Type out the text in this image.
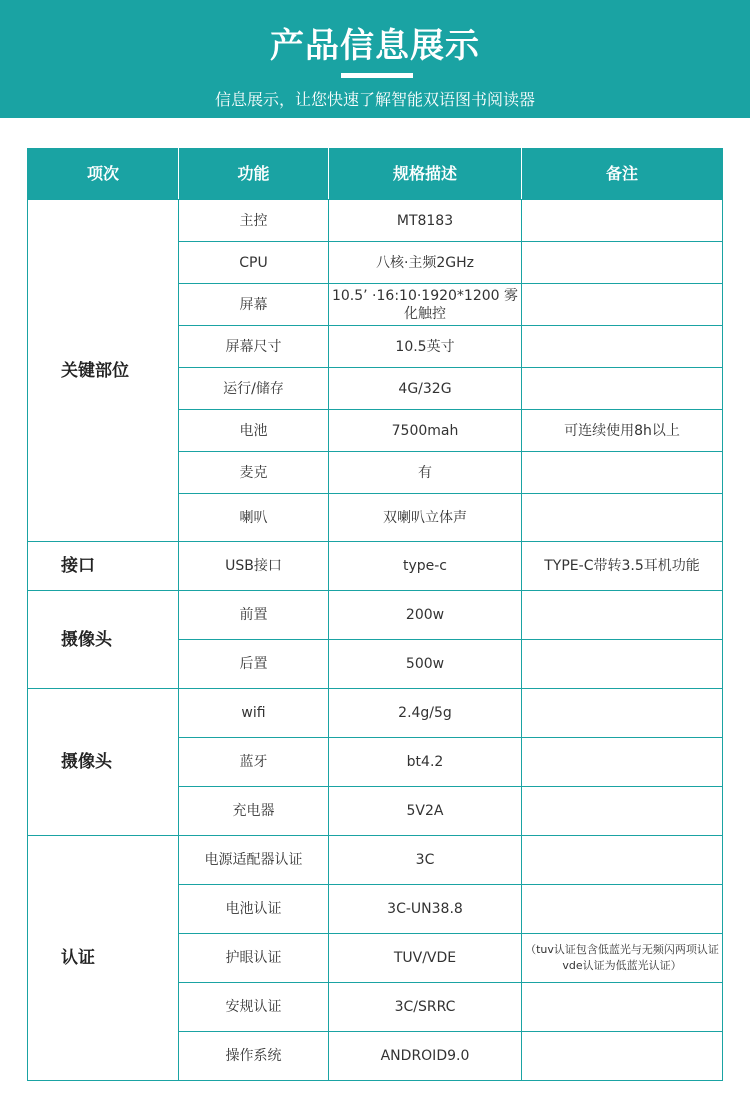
产品信息展示
信息展示，让您快速了解智能双语图书阅读器
项次	功能	规格描述	备注
关键部位	主控	MT8183	
	CPU	八核·主频2GHz	
	屏幕	10.5’ ·16:10·1920*1200 雾化触控	
	屏幕尺寸	10.5英寸	
	运行/储存	4G/32G	
	电池	7500mah	可连续使用8h以上
	麦克	有	
	喇叭	双喇叭立体声	
接口	USB接口	type-c	TYPE-C带转3.5耳机功能
摄像头	前置	200w	
	后置	500w	
摄像头	wifi	2.4g/5g	
	蓝牙	bt4.2	
	充电器	5V2A	
认证	电源适配器认证	3C	
	电池认证	3C-UN38.8	
	护眼认证	TUV/VDE	（tuv认证包含低蓝光与无频闪两项认证 vde认证为低蓝光认证）
	安规认证	3C/SRRC	
	操作系统	ANDROID9.0	
